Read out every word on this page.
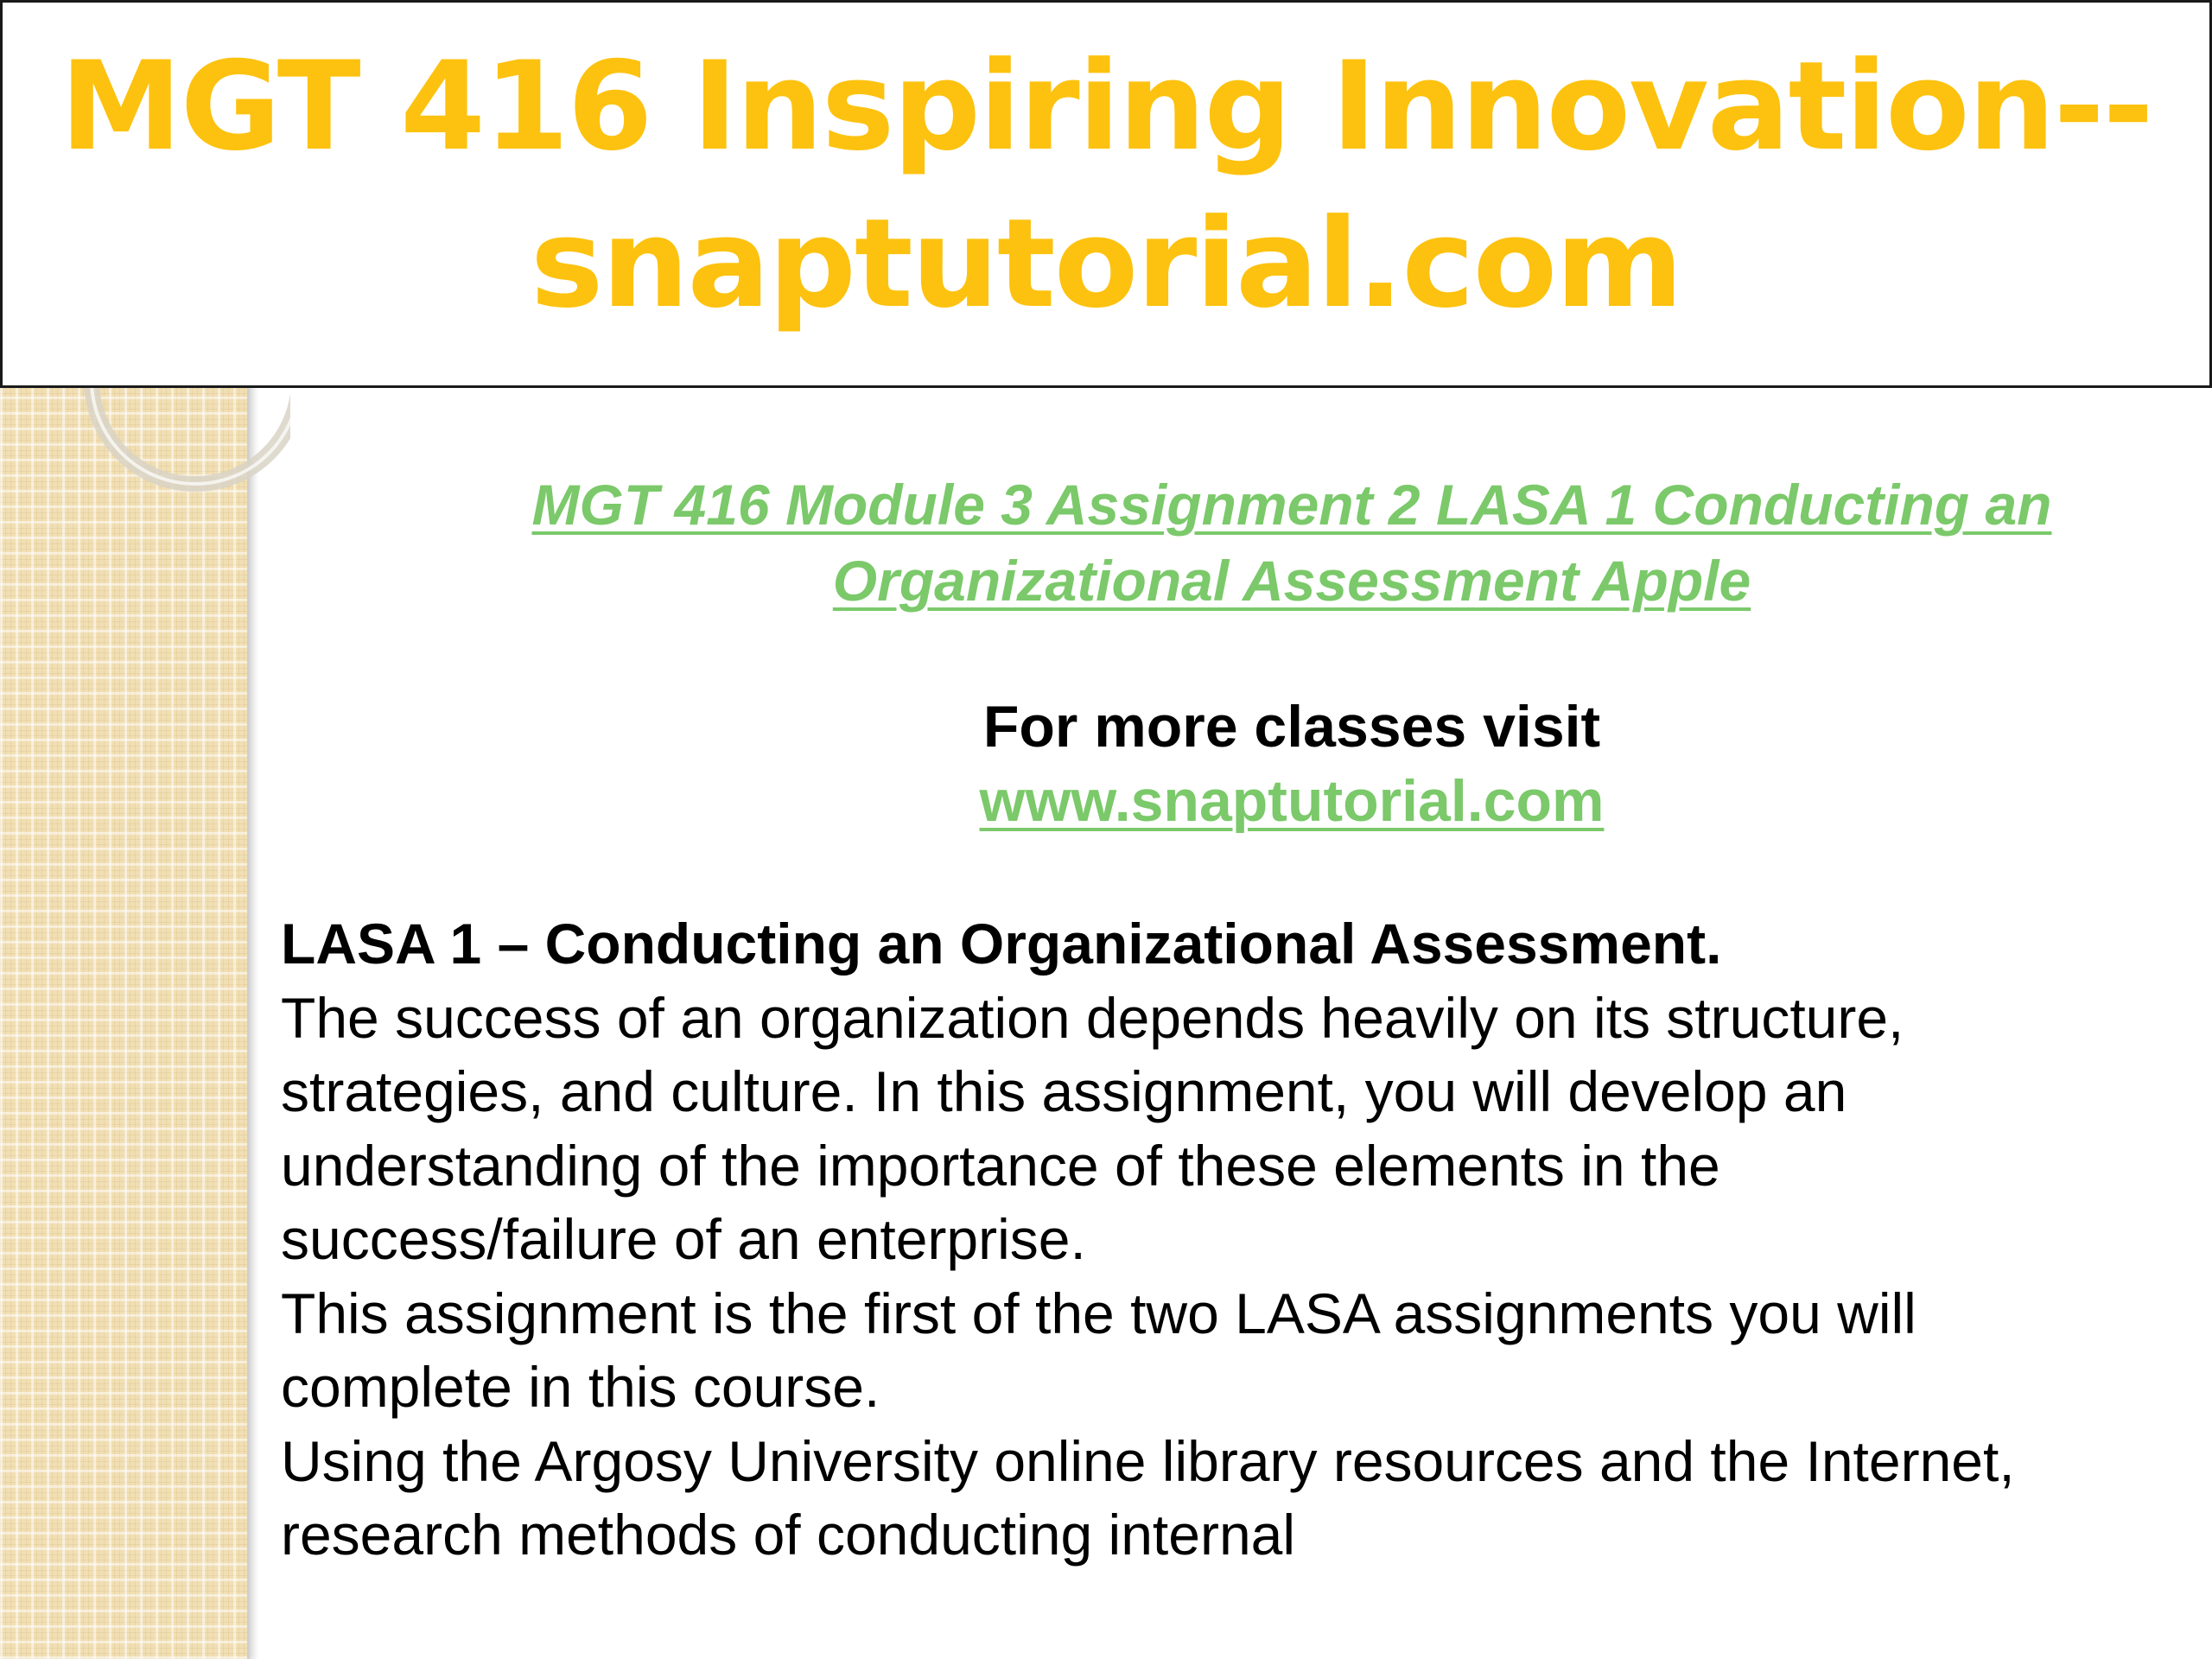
MGT 416 Inspiring Innovation--
snaptutorial.com
MGT 416 Module 3 Assignment 2 LASA 1 Conducting an
Organizational Assessment Apple
For more classes visit
www.snaptutorial.com
LASA 1 – Conducting an Organizational Assessment.
The success of an organization depends heavily on its structure,
strategies, and culture. In this assignment, you will develop an
understanding of the importance of these elements in the
success/failure of an enterprise.
This assignment is the first of the two LASA assignments you will
complete in this course.
Using the Argosy University online library resources and the Internet,
research methods of conducting internal
